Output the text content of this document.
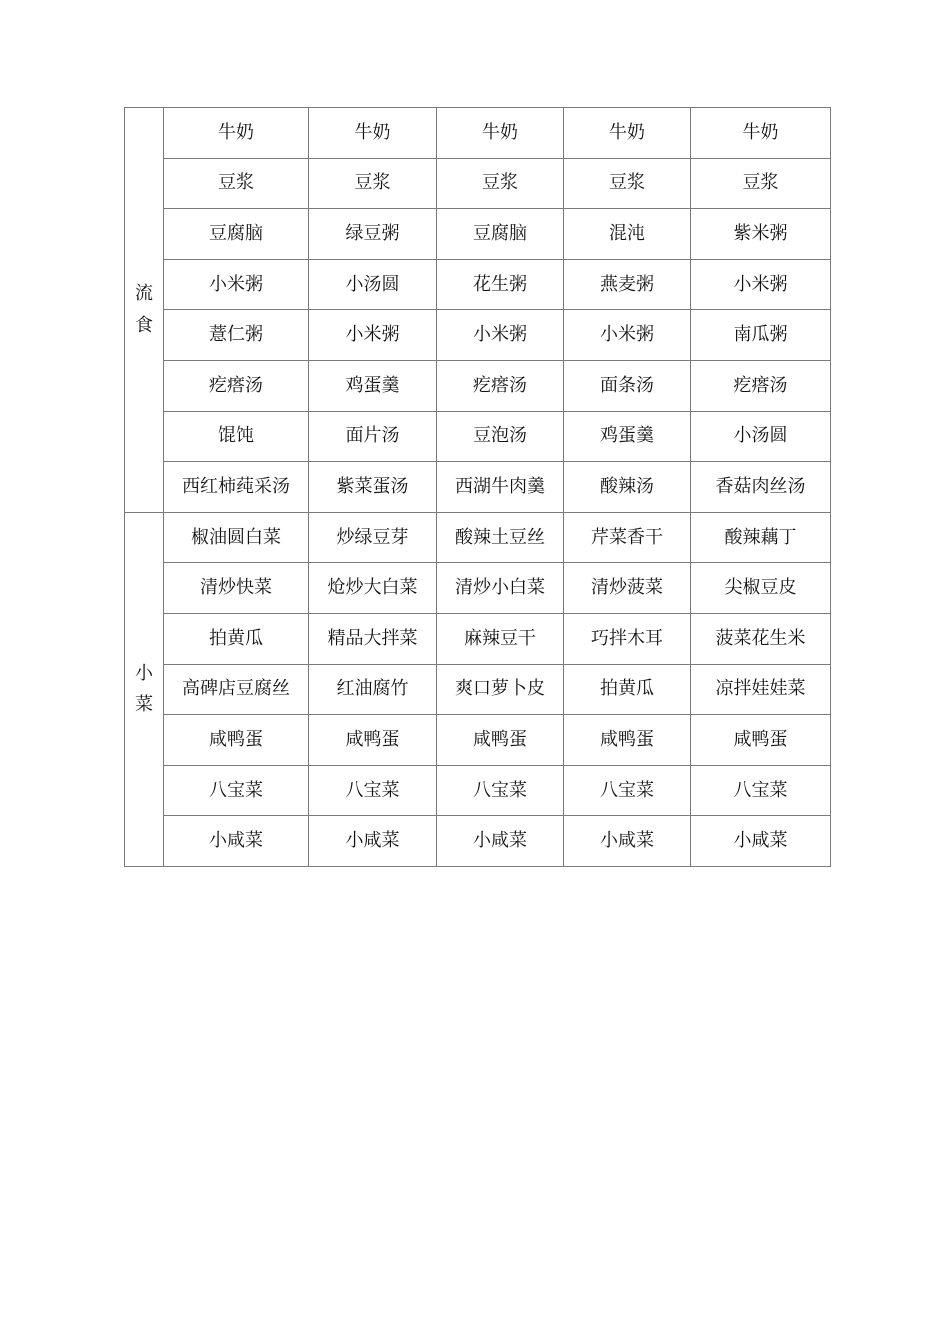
流
食	牛奶	牛奶	牛奶	牛奶	牛奶
	豆浆	豆浆	豆浆	豆浆	豆浆
	豆腐脑	绿豆粥	豆腐脑	混沌	紫米粥
	小米粥	小汤圆	花生粥	燕麦粥	小米粥
	薏仁粥	小米粥	小米粥	小米粥	南瓜粥
	疙瘩汤	鸡蛋羹	疙瘩汤	面条汤	疙瘩汤
	馄饨	面片汤	豆泡汤	鸡蛋羹	小汤圆
	西红柿莼采汤	紫菜蛋汤	西湖牛肉羹	酸辣汤	香菇肉丝汤

小
菜	椒油圆白菜	炒绿豆芽	酸辣土豆丝	芹菜香干	酸辣藕丁
	清炒快菜	炝炒大白菜	清炒小白菜	清炒菠菜	尖椒豆皮
	拍黄瓜	精品大拌菜	麻辣豆干	巧拌木耳	菠菜花生米
	高碑店豆腐丝	红油腐竹	爽口萝卜皮	拍黄瓜	凉拌娃娃菜
	咸鸭蛋	咸鸭蛋	咸鸭蛋	咸鸭蛋	咸鸭蛋
	八宝菜	八宝菜	八宝菜	八宝菜	八宝菜
	小咸菜	小咸菜	小咸菜	小咸菜	小咸菜
